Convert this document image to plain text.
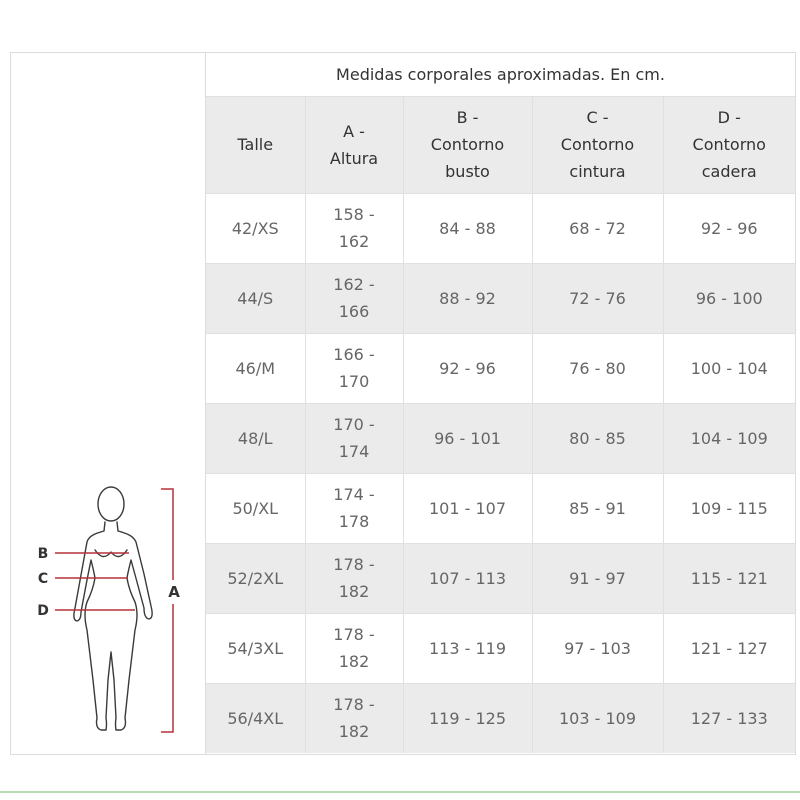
B
C
D
A
Medidas corporales aproximadas. En cm.				
Talle	A - Altura	B - Contorno busto	C - Contorno cintura	D - Contorno cadera
42/XS	158 - 162	84 - 88	68 - 72	92 - 96
44/S	162 - 166	88 - 92	72 - 76	96 - 100
46/M	166 - 170	92 - 96	76 - 80	100 - 104
48/L	170 - 174	96 - 101	80 - 85	104 - 109
50/XL	174 - 178	101 - 107	85 - 91	109 - 115
52/2XL	178 - 182	107 - 113	91 - 97	115 - 121
54/3XL	178 - 182	113 - 119	97 - 103	121 - 127
56/4XL	178 - 182	119 - 125	103 - 109	127 - 133
